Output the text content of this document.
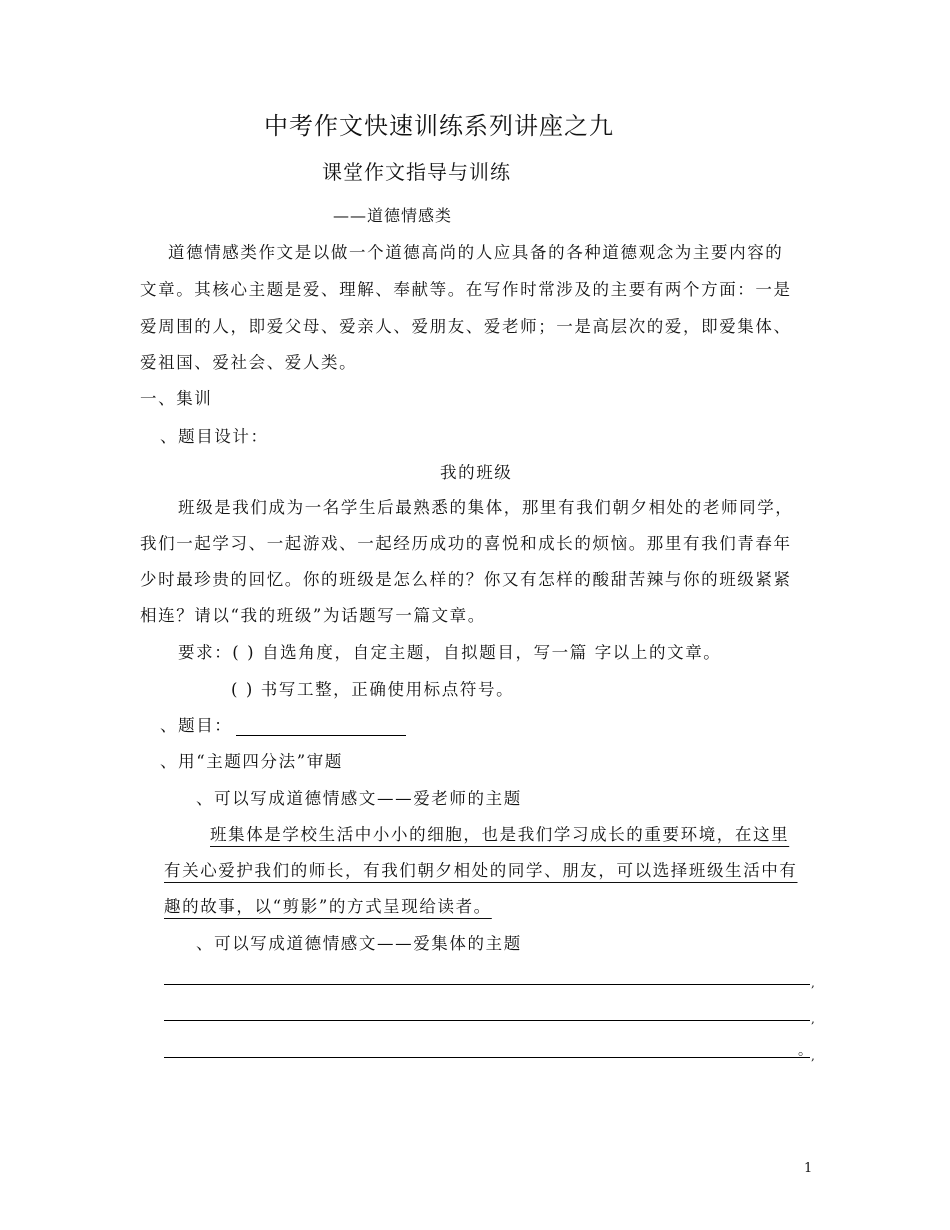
中考作文快速训练系列讲座之九
课堂作文指导与训练
——道德情感类
道德情感类作文是以做一个道德高尚的人应具备的各种道德观念为主要内容的
文章。其核心主题是爱、理解、奉献等。在写作时常涉及的主要有两个方面：一是
爱周围的人，即爱父母、爱亲人、爱朋友、爱老师；一是高层次的爱，即爱集体、
爱祖国、爱社会、爱人类。
一、集训
、题目设计：
我的班级
班级是我们成为一名学生后最熟悉的集体，那里有我们朝夕相处的老师同学，
我们一起学习、一起游戏、一起经历成功的喜悦和成长的烦恼。那里有我们青春年
少时最珍贵的回忆。你的班级是怎么样的？你又有怎样的酸甜苦辣与你的班级紧紧
相连？请以“我的班级”为话题写一篇文章。
要求：( ) 自选角度，自定主题，自拟题目，写一篇 字以上的文章。
( ) 书写工整，正确使用标点符号。
、题目：
、用“主题四分法”审题
、可以写成道德情感文——爱老师的主题
班集体是学校生活中小小的细胞，也是我们学习成长的重要环境，在这里
有关心爱护我们的师长，有我们朝夕相处的同学、朋友，可以选择班级生活中有
趣的故事，以“剪影”的方式呈现给读者。
、可以写成道德情感文——爱集体的主题
,
,
。 ,
1
